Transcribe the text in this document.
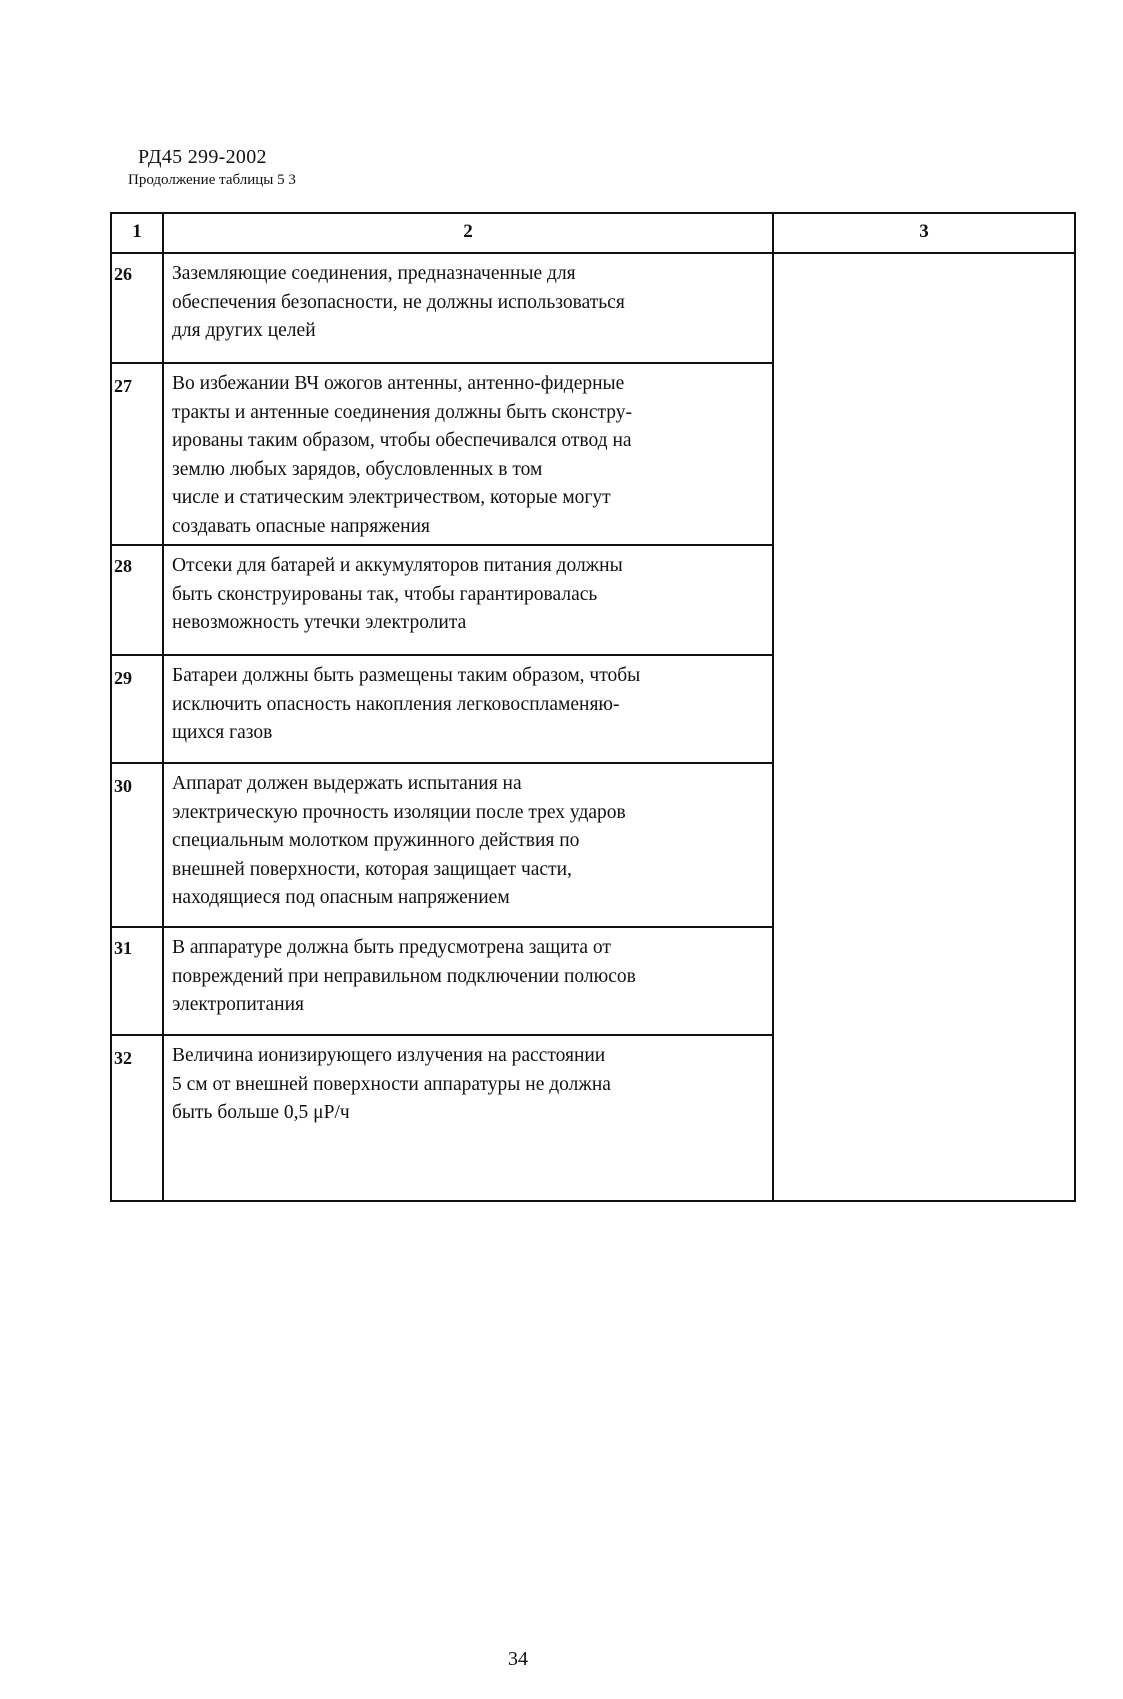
РД45 299-2002
Продолжение таблицы 5 3
1	2	3
26 Заземляющие соединения, предназначенные для
обеспечения безопасности, не должны использоваться
для других целей
27 Во избежании ВЧ ожогов антенны, антенно-фидерные
тракты и антенные соединения должны быть сконстру-
ированы таким образом, чтобы обеспечивался отвод на
землю любых зарядов, обусловленных в том
числе и статическим электричеством, которые могут
создавать опасные напряжения
28 Отсеки для батарей и аккумуляторов питания должны
быть сконструированы так, чтобы гарантировалась
невозможность утечки электролита
29 Батареи должны быть размещены таким образом, чтобы
исключить опасность накопления легковоспламеняю-
щихся газов
30 Аппарат должен выдержать испытания на
электрическую прочность изоляции после трех ударов
специальным молотком пружинного действия по
внешней поверхности, которая защищает части,
находящиеся под опасным напряжением
31 В аппаратуре должна быть предусмотрена защита от
повреждений при неправильном подключении полюсов
электропитания
32 Величина ионизирующего излучения на расстоянии
5 см от внешней поверхности аппаратуры не должна
быть больше 0,5 μР/ч
34
